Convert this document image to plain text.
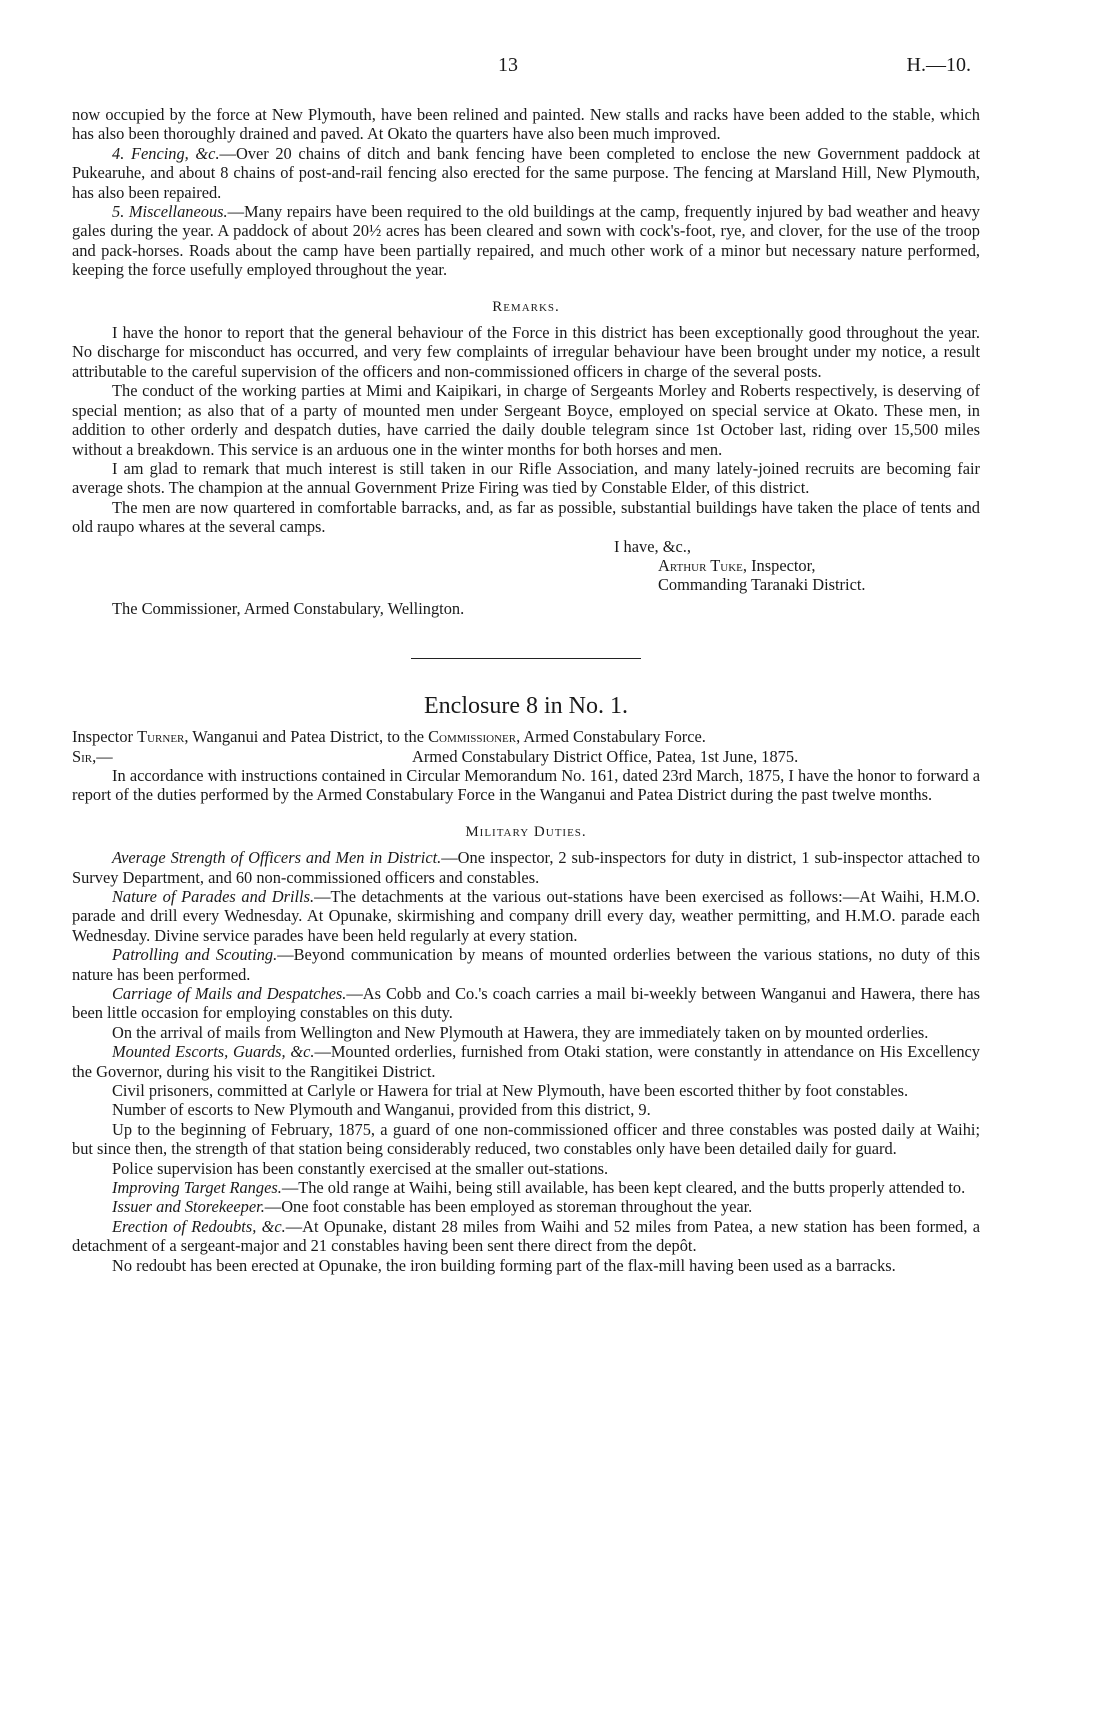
13	H.—10.

now occupied by the force at New Plymouth, have been relined and painted. New stalls and racks have been added to the stable, which has also been thoroughly drained and paved. At Okato the quarters have also been much improved.

4. Fencing, &c.—Over 20 chains of ditch and bank fencing have been completed to enclose the new Government paddock at Pukearuhe, and about 8 chains of post-and-rail fencing also erected for the same purpose. The fencing at Marsland Hill, New Plymouth, has also been repaired.

5. Miscellaneous.—Many repairs have been required to the old buildings at the camp, frequently injured by bad weather and heavy gales during the year. A paddock of about 20½ acres has been cleared and sown with cock's-foot, rye, and clover, for the use of the troop and pack-horses. Roads about the camp have been partially repaired, and much other work of a minor but necessary nature performed, keeping the force usefully employed throughout the year.

Remarks.

I have the honor to report that the general behaviour of the Force in this district has been exceptionally good throughout the year. No discharge for misconduct has occurred, and very few complaints of irregular behaviour have been brought under my notice, a result attributable to the careful supervision of the officers and non-commissioned officers in charge of the several posts.

The conduct of the working parties at Mimi and Kaipikari, in charge of Sergeants Morley and Roberts respectively, is deserving of special mention; as also that of a party of mounted men under Sergeant Boyce, employed on special service at Okato. These men, in addition to other orderly and despatch duties, have carried the daily double telegram since 1st October last, riding over 15,500 miles without a breakdown. This service is an arduous one in the winter months for both horses and men.

I am glad to remark that much interest is still taken in our Rifle Association, and many lately-joined recruits are becoming fair average shots. The champion at the annual Government Prize Firing was tied by Constable Elder, of this district.

The men are now quartered in comfortable barracks, and, as far as possible, substantial buildings have taken the place of tents and old raupo whares at the several camps.

I have, &c.,

Arthur Tuke, Inspector,

Commanding Taranaki District.

The Commissioner, Armed Constabulary, Wellington.

Enclosure 8 in No. 1.

Inspector Turner, Wanganui and Patea District, to the Commissioner, Armed Constabulary Force.

Sir,—	Armed Constabulary District Office, Patea, 1st June, 1875.

In accordance with instructions contained in Circular Memorandum No. 161, dated 23rd March, 1875, I have the honor to forward a report of the duties performed by the Armed Constabulary Force in the Wanganui and Patea District during the past twelve months.

Military Duties.

Average Strength of Officers and Men in District.—One inspector, 2 sub-inspectors for duty in district, 1 sub-inspector attached to Survey Department, and 60 non-commissioned officers and constables.

Nature of Parades and Drills.—The detachments at the various out-stations have been exercised as follows:—At Waihi, H.M.O. parade and drill every Wednesday. At Opunake, skirmishing and company drill every day, weather permitting, and H.M.O. parade each Wednesday. Divine service parades have been held regularly at every station.

Patrolling and Scouting.—Beyond communication by means of mounted orderlies between the various stations, no duty of this nature has been performed.

Carriage of Mails and Despatches.—As Cobb and Co.'s coach carries a mail bi-weekly between Wanganui and Hawera, there has been little occasion for employing constables on this duty.

On the arrival of mails from Wellington and New Plymouth at Hawera, they are immediately taken on by mounted orderlies.

Mounted Escorts, Guards, &c.—Mounted orderlies, furnished from Otaki station, were constantly in attendance on His Excellency the Governor, during his visit to the Rangitikei District.

Civil prisoners, committed at Carlyle or Hawera for trial at New Plymouth, have been escorted thither by foot constables.

Number of escorts to New Plymouth and Wanganui, provided from this district, 9.

Up to the beginning of February, 1875, a guard of one non-commissioned officer and three constables was posted daily at Waihi; but since then, the strength of that station being considerably reduced, two constables only have been detailed daily for guard.

Police supervision has been constantly exercised at the smaller out-stations.

Improving Target Ranges.—The old range at Waihi, being still available, has been kept cleared, and the butts properly attended to.

Issuer and Storekeeper.—One foot constable has been employed as storeman throughout the year.

Erection of Redoubts, &c.—At Opunake, distant 28 miles from Waihi and 52 miles from Patea, a new station has been formed, a detachment of a sergeant-major and 21 constables having been sent there direct from the depôt.

No redoubt has been erected at Opunake, the iron building forming part of the flax-mill having been used as a barracks.
